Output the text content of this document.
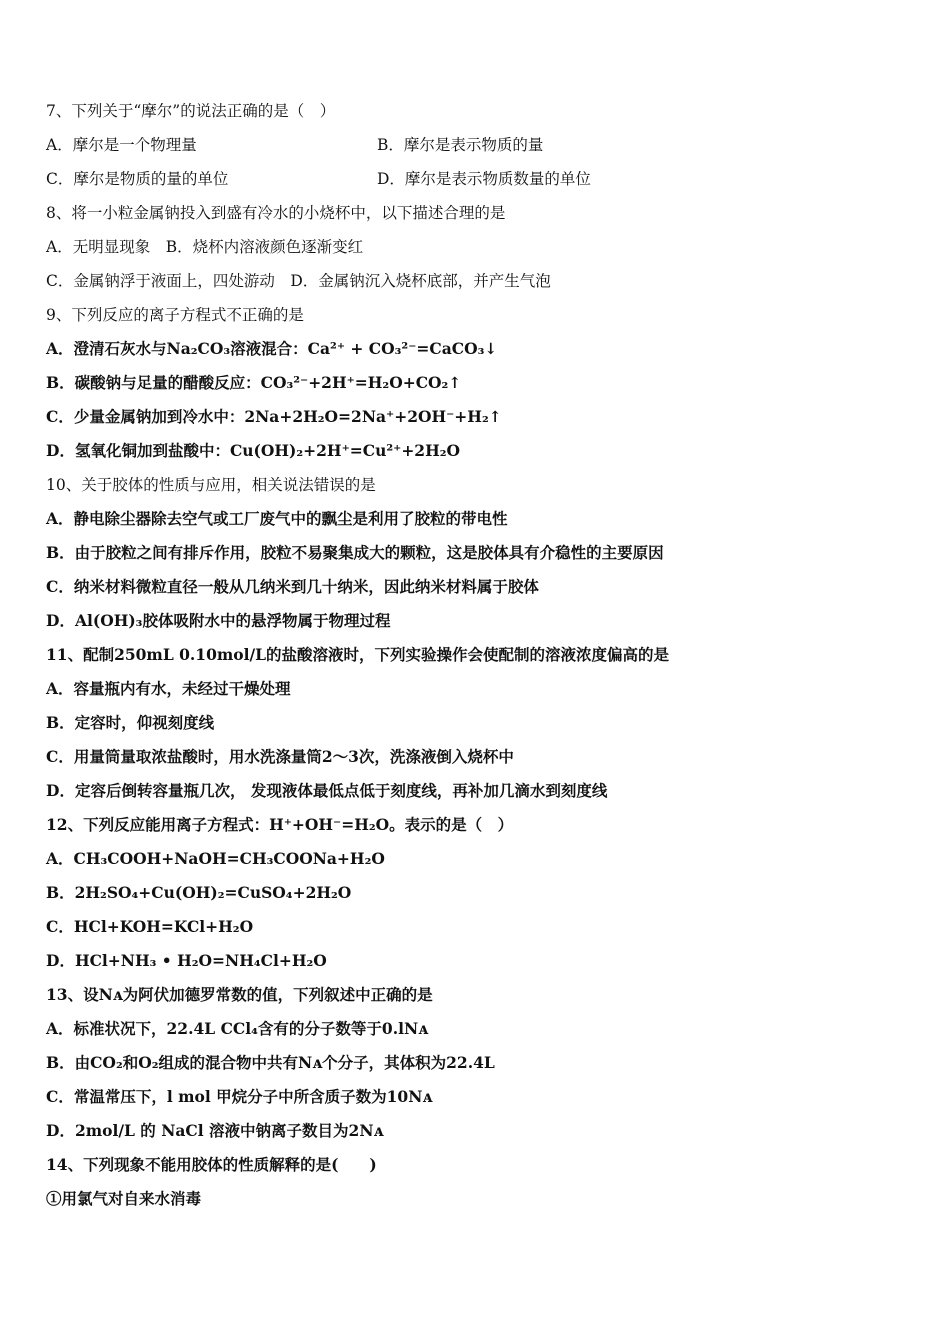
7、下列关于“摩尔”的说法正确的是（　）
A．摩尔是一个物理量	B．摩尔是表示物质的量
C．摩尔是物质的量的单位	D．摩尔是表示物质数量的单位
8、将一小粒金属钠投入到盛有冷水的小烧杯中，以下描述合理的是
A．无明显现象　B．烧杯内溶液颜色逐渐变红
C．金属钠浮于液面上，四处游动　D．金属钠沉入烧杯底部，并产生气泡
9、下列反应的离子方程式不正确的是
A．澄清石灰水与Na₂CO₃溶液混合：Ca²⁺ + CO₃²⁻=CaCO₃↓
B．碳酸钠与足量的醋酸反应：CO₃²⁻+2H⁺=H₂O+CO₂↑
C．少量金属钠加到冷水中：2Na+2H₂O=2Na⁺+2OH⁻+H₂↑
D．氢氧化铜加到盐酸中：Cu(OH)₂+2H⁺=Cu²⁺+2H₂O
10、关于胶体的性质与应用，相关说法错误的是
A．静电除尘器除去空气或工厂废气中的飘尘是利用了胶粒的带电性
B．由于胶粒之间有排斥作用，胶粒不易聚集成大的颗粒，这是胶体具有介稳性的主要原因
C．纳米材料微粒直径一般从几纳米到几十纳米，因此纳米材料属于胶体
D．Al(OH)₃胶体吸附水中的悬浮物属于物理过程
11、配制250mL 0.10mol/L的盐酸溶液时，下列实验操作会使配制的溶液浓度偏高的是
A．容量瓶内有水，未经过干燥处理
B．定容时，仰视刻度线
C．用量筒量取浓盐酸时，用水洗涤量筒2～3次，洗涤液倒入烧杯中
D．定容后倒转容量瓶几次， 发现液体最低点低于刻度线，再补加几滴水到刻度线
12、下列反应能用离子方程式：H⁺+OH⁻=H₂O。表示的是（　）
A．CH₃COOH+NaOH=CH₃COONa+H₂O
B．2H₂SO₄+Cu(OH)₂=CuSO₄+2H₂O
C．HCl+KOH=KCl+H₂O
D．HCl+NH₃ • H₂O=NH₄Cl+H₂O
13、设Nᴀ为阿伏加德罗常数的值，下列叙述中正确的是
A．标准状况下，22.4L CCl₄含有的分子数等于0.lNᴀ
B．由CO₂和O₂组成的混合物中共有Nᴀ个分子，其体积为22.4L
C．常温常压下，l mol 甲烷分子中所含质子数为10Nᴀ
D．2mol/L 的 NaCl 溶液中钠离子数目为2Nᴀ
14、下列现象不能用胶体的性质解释的是(　　)
①用氯气对自来水消毒
